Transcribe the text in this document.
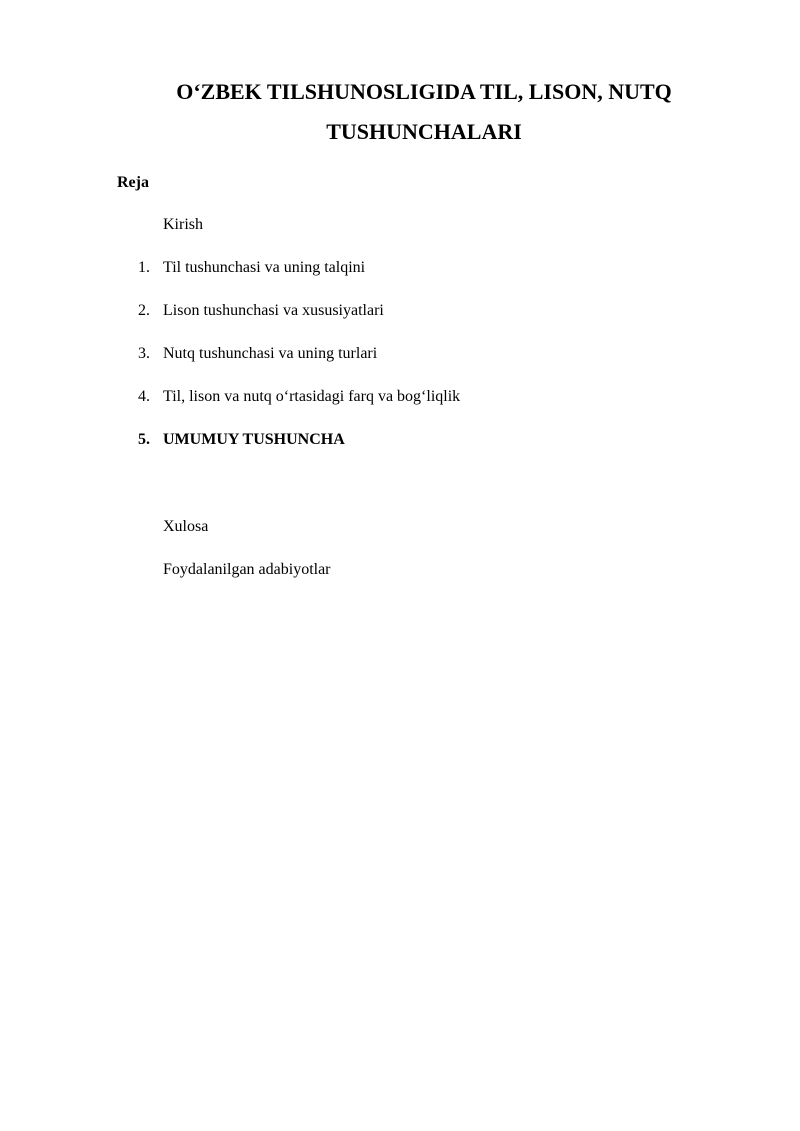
O‘ZBEK TILSHUNOSLIGIDA TIL, LISON, NUTQ
TUSHUNCHALARI
Reja
Kirish
1. Til tushunchasi va uning talqini
2. Lison tushunchasi va xususiyatlari
3. Nutq tushunchasi va uning turlari
4. Til, lison va nutq o‘rtasidagi farq va bog‘liqlik
5. UMUMUY TUSHUNCHA
Xulosa
Foydalanilgan adabiyotlar
